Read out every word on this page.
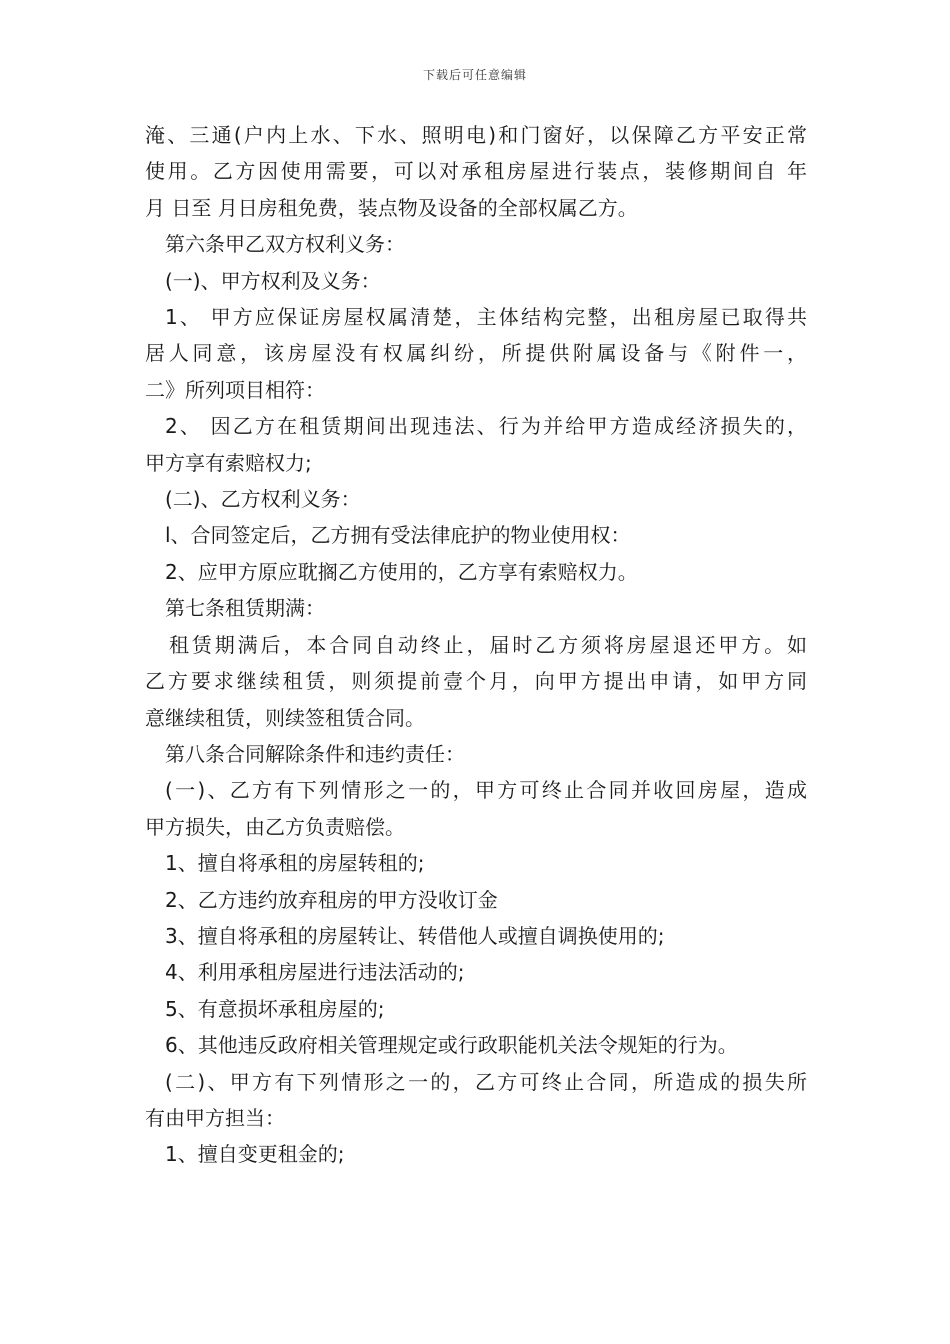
下载后可任意编辑
淹、三通(户内上水、下水、照明电)和门窗好，以保障乙方平安正常
使用。乙方因使用需要，可以对承租房屋进行装点，装修期间自 年
月 日至 月日房租免费，装点物及设备的全部权属乙方。
第六条甲乙双方权利义务：
(一)、甲方权利及义务：
1、 甲方应保证房屋权属清楚，主体结构完整，出租房屋已取得共
居人同意，该房屋没有权属纠纷，所提供附属设备与《附件一，
二》所列项目相符：
2、 因乙方在租赁期间出现违法、行为并给甲方造成经济损失的，
甲方享有索赔权力;
(二)、乙方权利义务：
l、合同签定后，乙方拥有受法律庇护的物业使用权：
2、应甲方原应耽搁乙方使用的，乙方享有索赔权力。
第七条租赁期满：
租赁期满后，本合同自动终止，届时乙方须将房屋退还甲方。如
乙方要求继续租赁，则须提前壹个月，向甲方提出申请，如甲方同
意继续租赁，则续签租赁合同。
第八条合同解除条件和违约责任：
(一)、乙方有下列情形之一的，甲方可终止合同并收回房屋，造成
甲方损失，由乙方负责赔偿。
1、擅自将承租的房屋转租的;
2、乙方违约放弃租房的甲方没收订金
3、擅自将承租的房屋转让、转借他人或擅自调换使用的;
4、利用承租房屋进行违法活动的;
5、有意损坏承租房屋的;
6、其他违反政府相关管理规定或行政职能机关法令规矩的行为。
(二)、甲方有下列情形之一的，乙方可终止合同，所造成的损失所
有由甲方担当：
1、擅自变更租金的;
